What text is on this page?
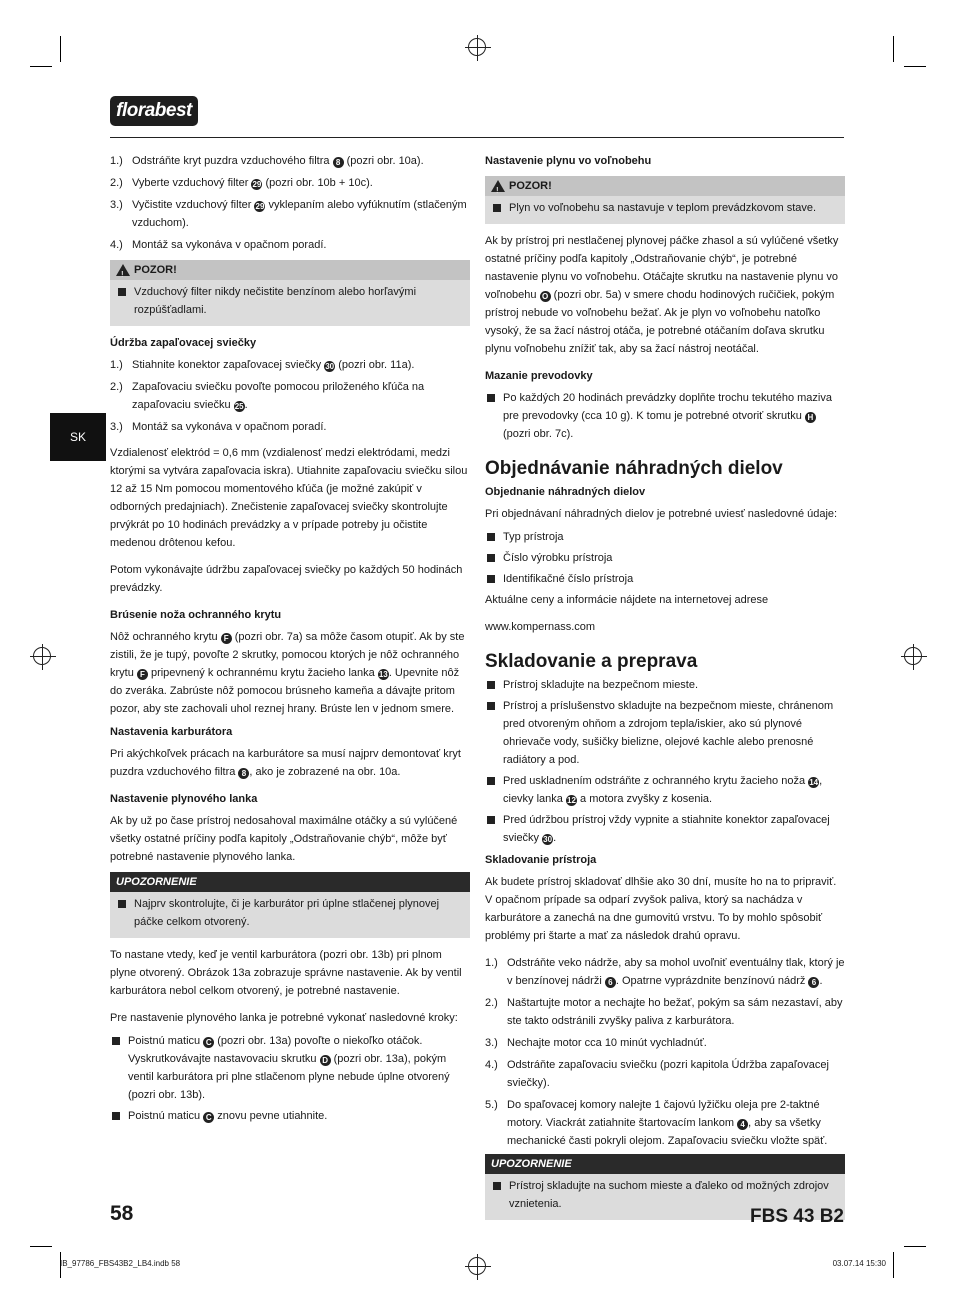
florabest
SK
1.) Odstráňte kryt puzdra vzduchového filtra 8 (pozri obr. 10a).
2.) Vyberte vzduchový filter 29 (pozri obr. 10b + 10c).
3.) Vyčistite vzduchový filter 29 vyklepaním alebo vyfúknutím (stlačeným vzduchom).
4.) Montáž sa vykonáva v opačnom poradí.
!
POZOR!
Vzduchový filter nikdy nečistite benzínom alebo horľavými rozpúšťadlami.
Údržba zapaľovacej sviečky
1.) Stiahnite konektor zapaľovacej sviečky 30 (pozri obr. 11a).
2.) Zapaľovaciu sviečku povoľte pomocou priloženého kľúča na zapaľovaciu sviečku 25.
3.) Montáž sa vykonáva v opačnom poradí.

Vzdialenosť elektród = 0,6 mm (vzdialenosť medzi elektródami, medzi ktorými sa vytvára zapaľovacia iskra). Utiahnite zapaľovaciu sviečku silou 12 až 15 Nm pomocou momentového kľúča (je možné zakúpiť v odborných predajniach). Znečistenie zapaľovacej sviečky skontrolujte prvýkrát po 10 hodinách prevádzky a v prípade potreby ju očistite medenou drôtenou kefou.

Potom vykonávajte údržbu zapaľovacej sviečky po každých 50 hodinách prevádzky.

Brúsenie noža ochranného krytu

Nôž ochranného krytu F (pozri obr. 7a) sa môže časom otupiť. Ak by ste zistili, že je tupý, povoľte 2 skrutky, pomocou ktorých je nôž ochranného krytu F pripevnený k ochrannému krytu žacieho lanka 13. Upevnite nôž do zveráka. Zabrúste nôž pomocou brúsneho kameňa a dávajte pritom pozor, aby ste zachovali uhol reznej hrany. Brúste len v jednom smere.

Nastavenia karburátora

Pri akýchkoľvek prácach na karburátore sa musí najprv demontovať kryt puzdra vzduchového filtra 8 , ako je zobrazené na obr. 10a.

Nastavenie plynového lanka

Ak by už po čase prístroj nedosahoval maximálne otáčky a sú vylúčené všetky ostatné príčiny podľa kapitoly „Odstraňovanie chýb“, môže byť potrebné nastavenie plynového lanka.

UPOZORNENIE
Najprv skontrolujte, či je karburátor pri úplne stlačenej plynovej páčke celkom otvorený.

To nastane vtedy, keď je ventil karburátora (pozri obr. 13b) pri plnom plyne otvorený. Obrázok 13a zobrazuje správne nastavenie. Ak by ventil karburátora nebol celkom otvorený, je potrebné nastavenie.

Pre nastavenie plynového lanka je potrebné vykonať nasledovné kroky:

Poistnú maticu C (pozri obr. 13a) povoľte o niekoľko otáčok. Vyskrutkovávajte nastavovaciu skrutku D (pozri obr. 13a), pokým ventil karburátora pri plne stlačenom plyne nebude úplne otvorený (pozri obr. 13b).
Poistnú maticu C znovu pevne utiahnite.
Nastavenie plynu vo voľnobehu
!
POZOR!
Plyn vo voľnobehu sa nastavuje v teplom prevádzkovom stave.

Ak by prístroj pri nestlačenej plynovej páčke zhasol a sú vylúčené všetky ostatné príčiny podľa kapitoly „Odstraňovanie chýb“, je potrebné nastavenie plynu vo voľnobehu. Otáčajte skrutku na nastavenie plynu vo voľnobehu O (pozri obr. 5a) v smere chodu hodinových ručičiek, pokým prístroj nebude vo voľnobehu bežať. Ak je plyn vo voľnobehu natoľko vysoký, že sa žací nástroj otáča, je potrebné otáčaním doľava skrutku plynu voľnobehu znížiť tak, aby sa žací nástroj neotáčal.

Mazanie prevodovky
Po každých 20 hodinách prevádzky doplňte trochu tekutého maziva pre prevodovky (cca 10 g). K tomu je potrebné otvoriť skrutku H (pozri obr. 7c).
Objednávanie náhradných dielov
Objednanie náhradných dielov

Pri objednávaní náhradných dielov je potrebné uviesť nasledovné údaje:

Typ prístroja
Číslo výrobku prístroja
Identifikačné číslo prístroja

Aktuálne ceny a informácie nájdete na internetovej adrese

www.kompernass.com

Skladovanie a preprava
Prístroj skladujte na bezpečnom mieste.
Prístroj a príslušenstvo skladujte na bezpečnom mieste, chránenom pred otvoreným ohňom a zdrojom tepla/iskier, ako sú plynové ohrievače vody, sušičky bielizne, olejové kachle alebo prenosné radiátory a pod.
Pred uskladnením odstráňte z ochranného krytu žacieho noža 14, cievky lanka 12 a motora zvyšky z kosenia.
Pred údržbou prístroj vždy vypnite a stiahnite konektor zapaľovacej sviečky 30.
Skladovanie prístroja

Ak budete prístroj skladovať dlhšie ako 30 dní, musíte ho na to pripraviť. V opačnom prípade sa odparí zvyšok paliva, ktorý sa nachádza v karburátore a zanechá na dne gumovitú vrstvu. To by mohlo spôsobiť problémy pri štarte a mať za následok drahú opravu.

1.) Odstráňte veko nádrže, aby sa mohol uvoľniť eventuálny tlak, ktorý je v benzínovej nádrži 6 . Opatrne vyprázdnite benzínovú nádrž 6 .
2.) Naštartujte motor a nechajte ho bežať, pokým sa sám nezastaví, aby ste takto odstránili zvyšky paliva z karburátora.
3.) Nechajte motor cca 10 minút vychladnúť.
4.) Odstráňte zapaľovaciu sviečku (pozri kapitola Údržba zapaľovacej sviečky).
5.) Do spaľovacej komory nalejte 1 čajovú lyžičku oleja pre 2-taktné motory. Viackrát zatiahnite štartovacím lankom 4 , aby sa všetky mechanické časti pokryli olejom. Zapaľovaciu sviečku vložte späť.
UPOZORNENIE
Prístroj skladujte na suchom mieste a ďaleko od možných zdrojov vznietenia.
58	FBS 43 B2
IB_97786_FBS43B2_LB4.indb 58	03.07.14 15:30
